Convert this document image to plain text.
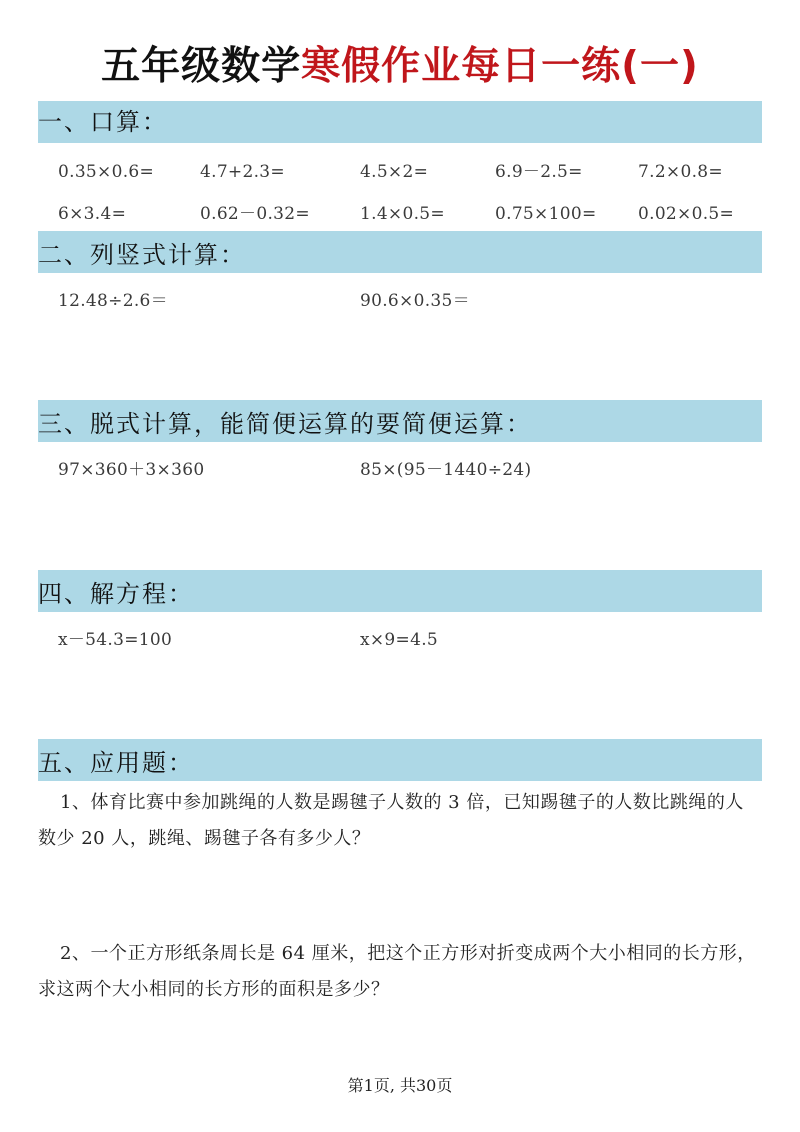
五年级数学寒假作业每日一练(一)
一、口算：
0.35×0.6=	4.7+2.3=	4.5×2=	6.9－2.5=	7.2×0.8=
6×3.4=	0.62－0.32=	1.4×0.5=	0.75×100= 0.02×0.5=
二、列竖式计算：
12.48÷2.6＝	90.6×0.35＝
三、脱式计算，能简便运算的要简便运算：
97×360＋3×360	85×(95－1440÷24)
四、解方程：
x－54.3=100	x×9=4.5
五、应用题：
1、体育比赛中参加跳绳的人数是踢毽子人数的 3 倍，已知踢毽子的人数比跳绳的人数少 20 人，跳绳、踢毽子各有多少人？
2、一个正方形纸条周长是 64 厘米，把这个正方形对折变成两个大小相同的长方形，求这两个大小相同的长方形的面积是多少？
第1页, 共30页
